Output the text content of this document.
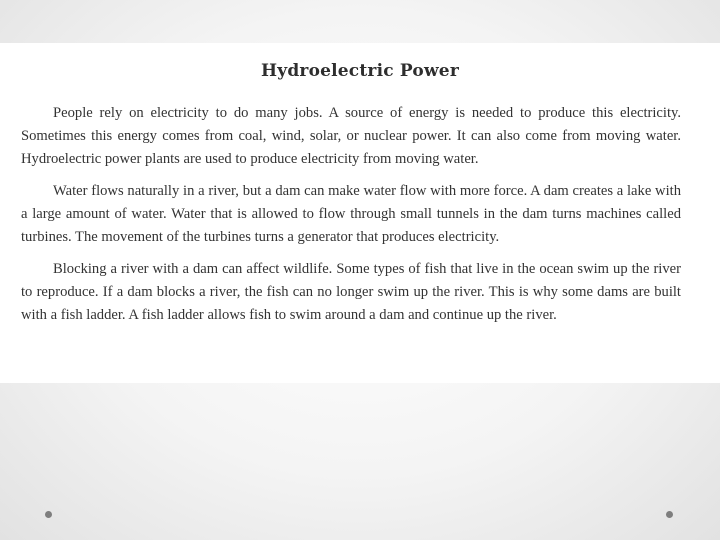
Hydroelectric Power

People rely on electricity to do many jobs. A source of energy is needed to produce this electricity. Sometimes this energy comes from coal, wind, solar, or nuclear power. It can also come from moving water. Hydroelectric power plants are used to produce electricity from moving water.

Water flows naturally in a river, but a dam can make water flow with more force. A dam creates a lake with a large amount of water. Water that is allowed to flow through small tunnels in the dam turns machines called turbines. The movement of the turbines turns a generator that produces electricity.

Blocking a river with a dam can affect wildlife. Some types of fish that live in the ocean swim up the river to reproduce. If a dam blocks a river, the fish can no longer swim up the river. This is why some dams are built with a fish ladder. A fish ladder allows fish to swim around a dam and continue up the river.
